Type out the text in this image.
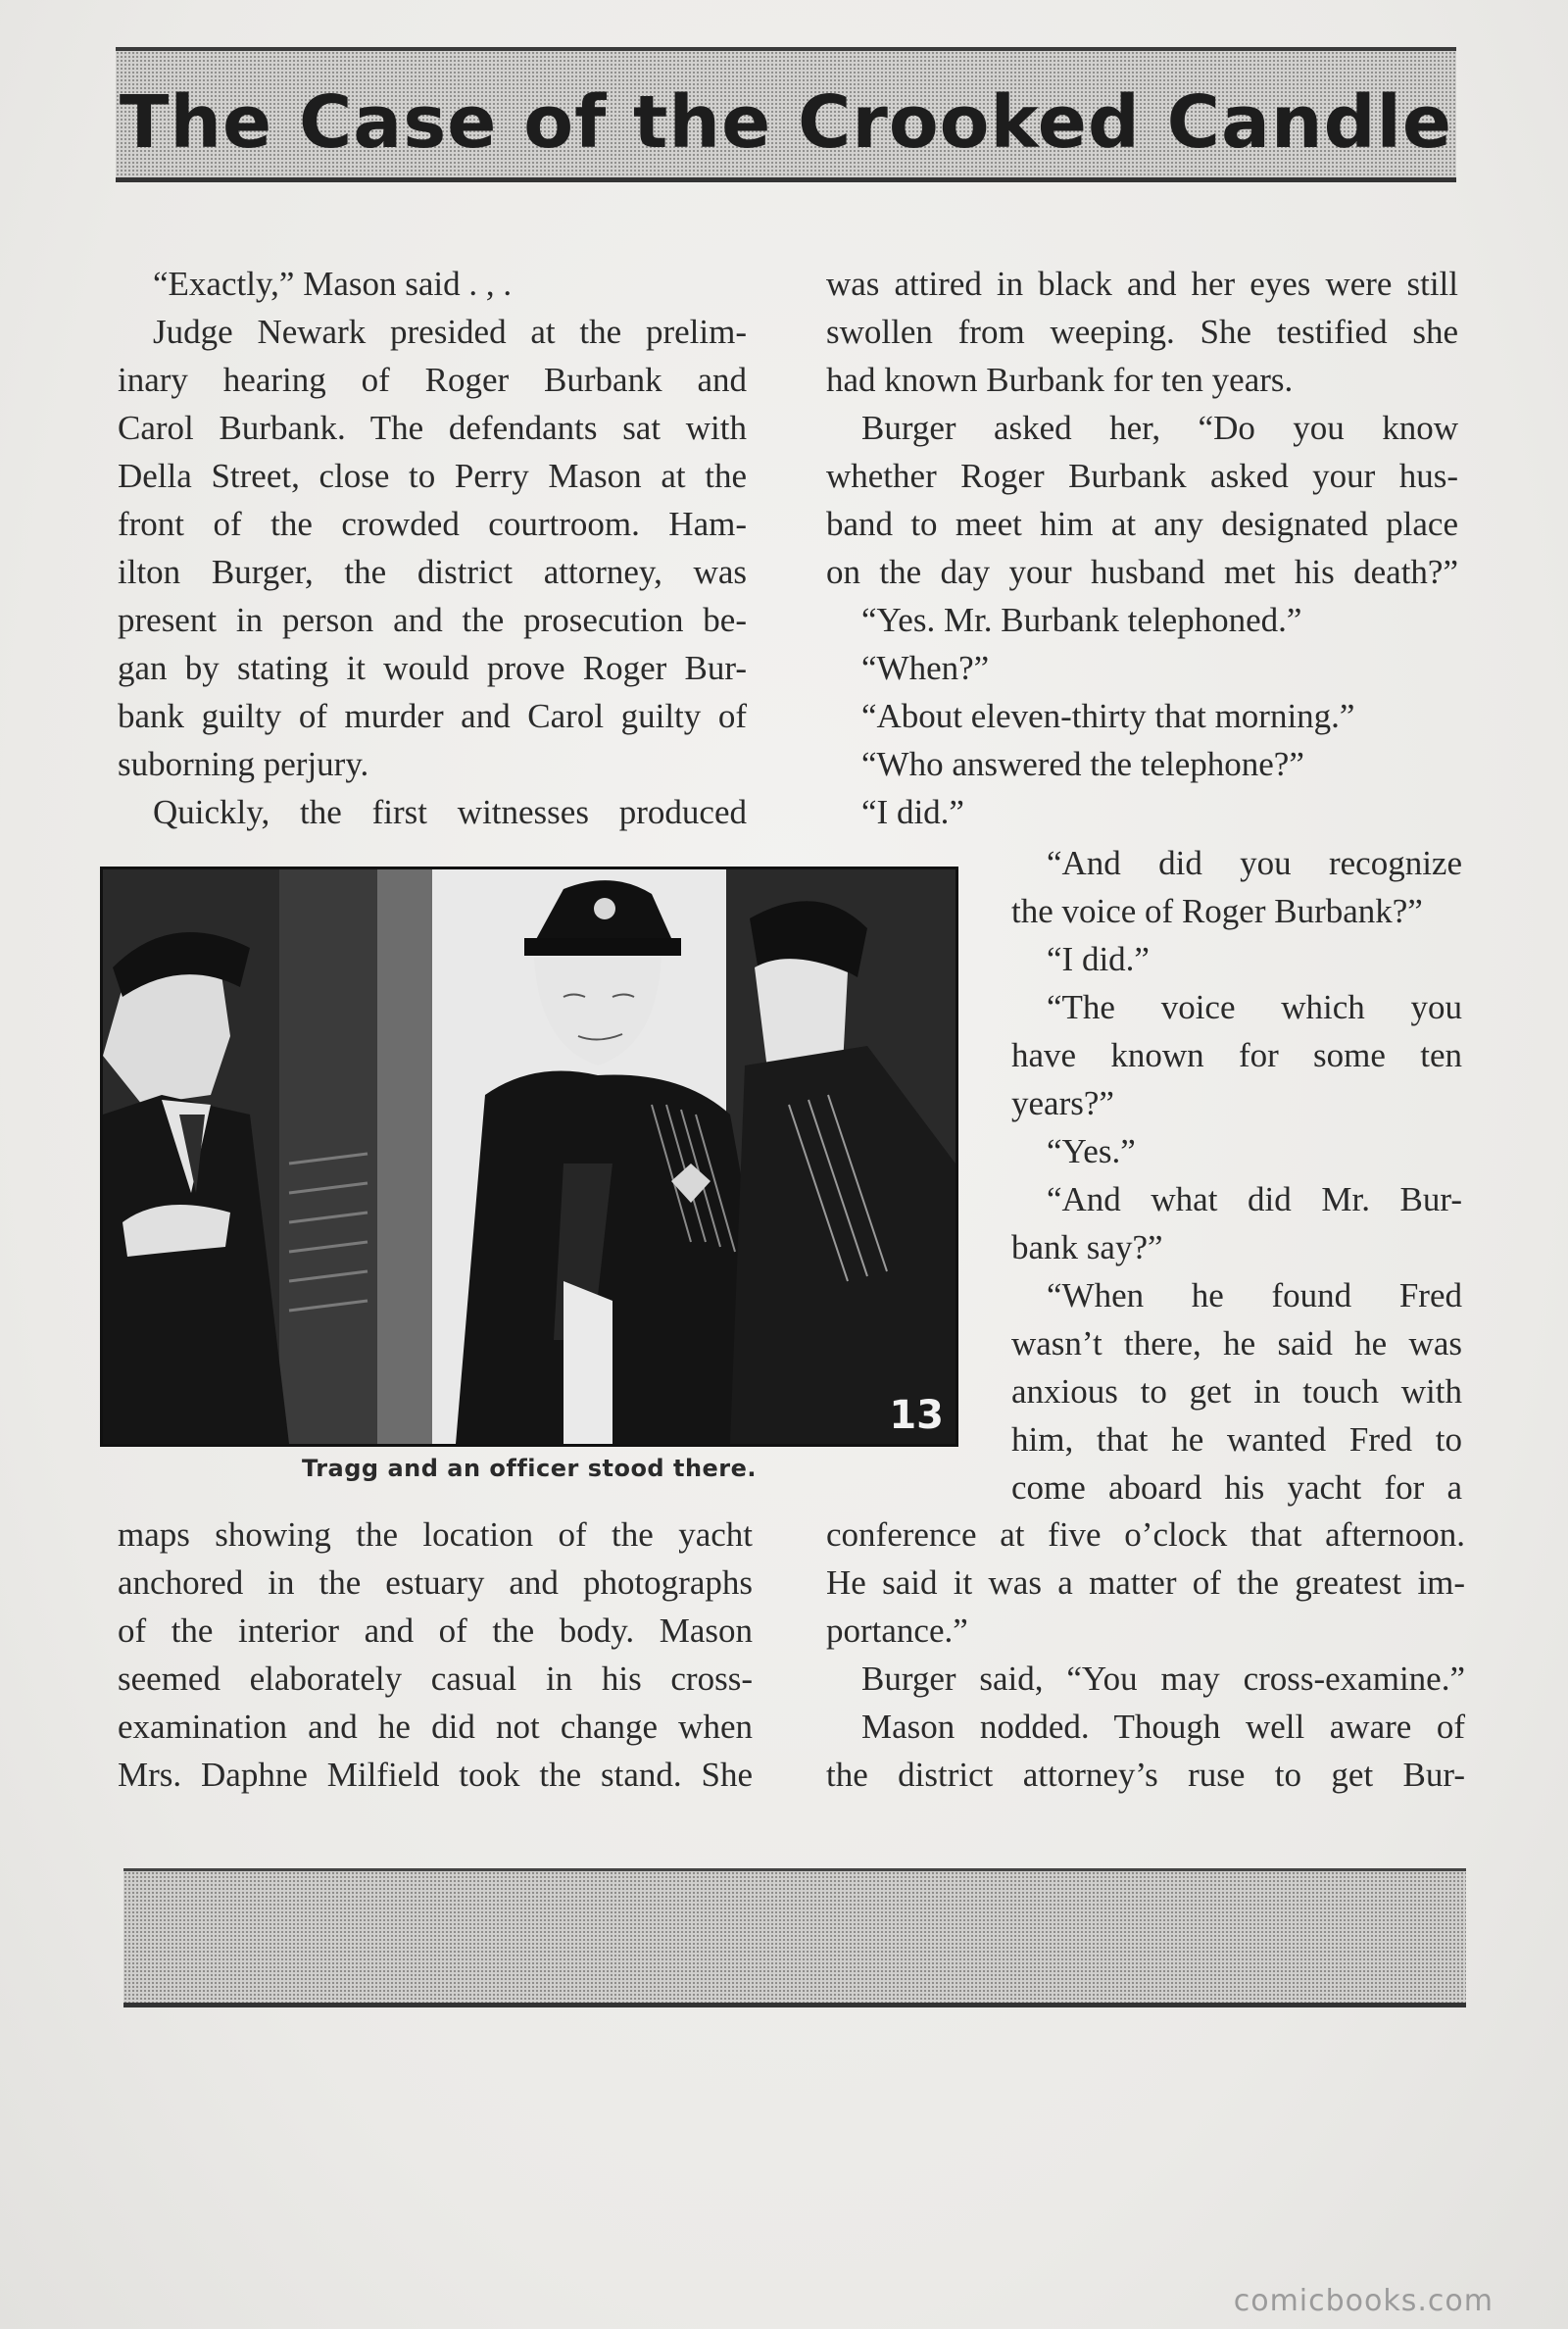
The Case of the Crooked Candle

“Exactly,” Mason said . , .

Judge Newark presided at the prelim-

inary hearing of Roger Burbank and

Carol Burbank. The defendants sat with

Della Street, close to Perry Mason at the

front of the crowded courtroom. Ham-

ilton Burger, the district attorney, was

present in person and the prosecution be-

gan by stating it would prove Roger Bur-

bank guilty of murder and Carol guilty of

suborning perjury.

Quickly, the first witnesses produced

13
Tragg and an officer stood there.

maps showing the location of the yacht

anchored in the estuary and photographs

of the interior and of the body. Mason

seemed elaborately casual in his cross-

examination and he did not change when

Mrs. Daphne Milfield took the stand. She

was attired in black and her eyes were still

swollen from weeping. She testified she

had known Burbank for ten years.

Burger asked her, “Do you know

whether Roger Burbank asked your hus-

band to meet him at any designated place

on the day your husband met his death?”

“Yes. Mr. Burbank telephoned.”

“When?”

“About eleven-thirty that morning.”

“Who answered the telephone?”

“I did.”

“And did you recognize

the voice of Roger Burbank?”

“I did.”

“The voice which you

have known for some ten

years?”

“Yes.”

“And what did Mr. Bur-

bank say?”

“When he found Fred

wasn’t there, he said he was

anxious to get in touch with

him, that he wanted Fred to

come aboard his yacht for a

conference at five o’clock that afternoon.

He said it was a matter of the greatest im-

portance.”

Burger said, “You may cross-examine.”

Mason nodded. Though well aware of

the district attorney’s ruse to get Bur-

comicbooks.com
